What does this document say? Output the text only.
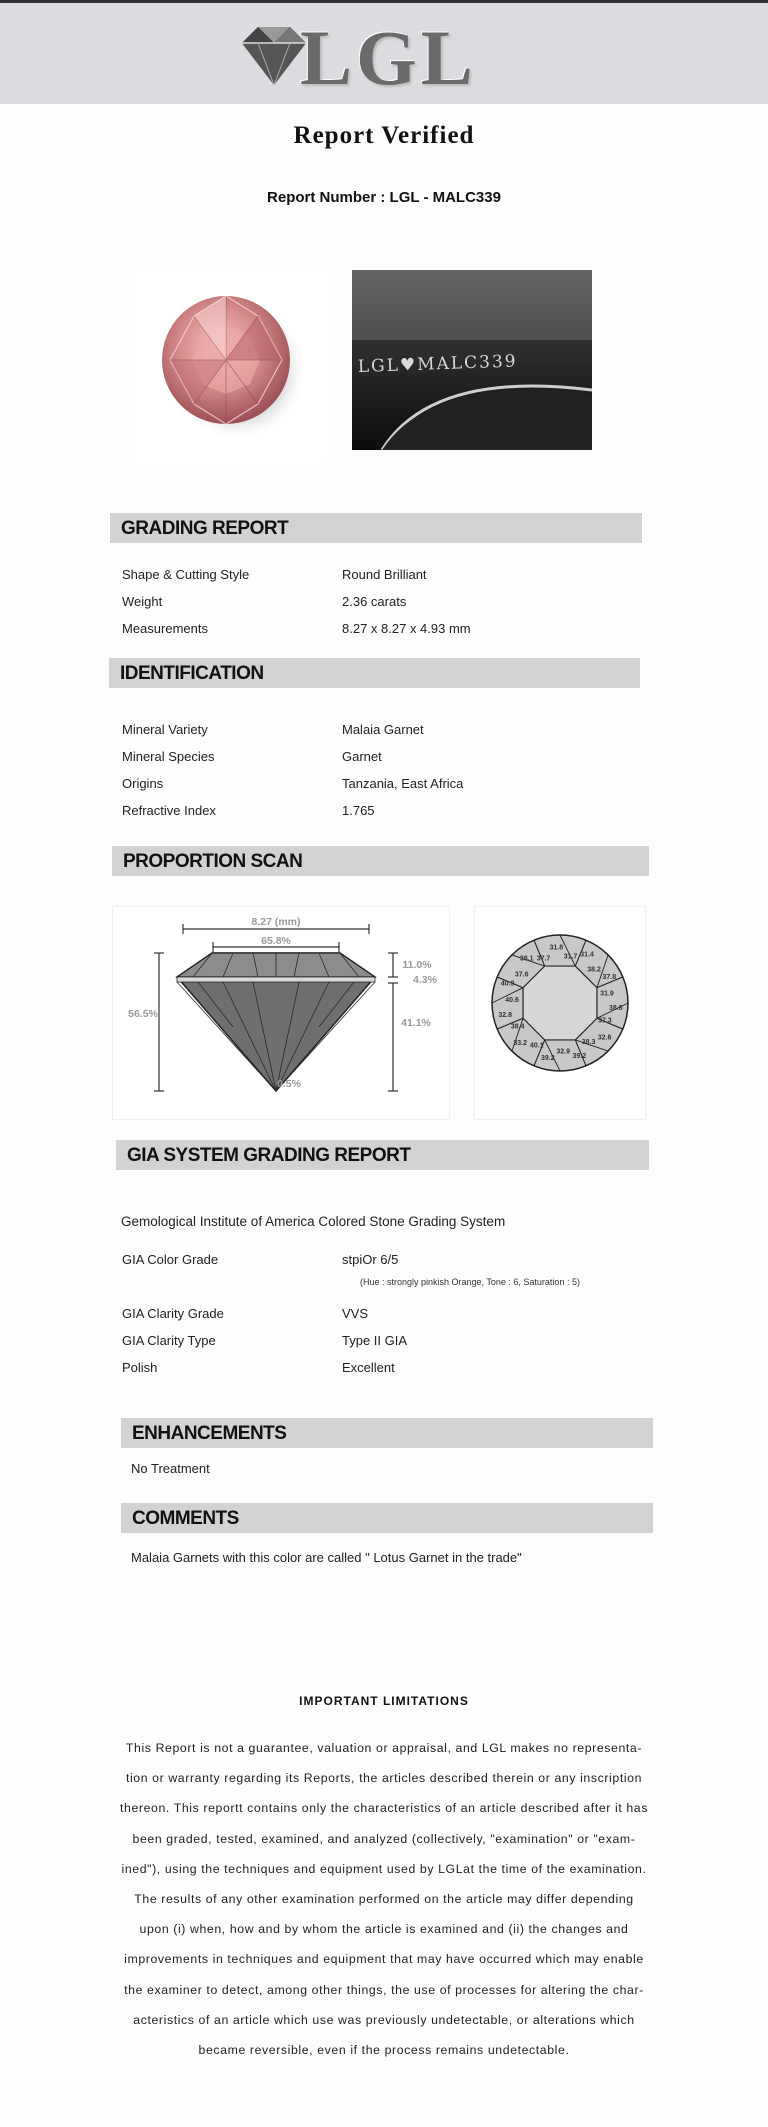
LGL
Report Verified
Report Number : LGL - MALC339
LGL♥MALC339
GRADING REPORT
Shape & Cutting Style	Round Brilliant
Weight	2.36 carats
Measurements	8.27 x 8.27 x 4.93 mm
IDENTIFICATION
Mineral Variety	Malaia Garnet
Mineral Species	Garnet
Origins	Tanzania, East Africa
Refractive Index	1.765
PROPORTION SCAN
8.27 (mm)
65.8%
56.5%
11.0%
4.3%
41.1%
0.5%
40.9
37.6
38.1 37.7
31.8
31.7 31.4
38.2
37.8
31.9
38.6
37.3
32.6
38.3
39.2
32.9
39.2
40.1
33.2
38.4
32.8
40.6
GIA SYSTEM GRADING REPORT
Gemological Institute of America Colored Stone Grading System
GIA Color Grade	stpiOr 6/5
(Hue : strongly pinkish Orange, Tone : 6, Saturation : 5)
GIA Clarity Grade	VVS
GIA Clarity Type	Type II GIA
Polish	Excellent
ENHANCEMENTS
No Treatment
COMMENTS
Malaia Garnets with this color are called " Lotus Garnet in the trade"
IMPORTANT LIMITATIONS
This Report is not a guarantee, valuation or appraisal, and LGL makes no representa-tion or warranty regarding its Reports, the articles described therein or any inscription thereon. This reportt contains only the characteristics of an article described after it has been graded, tested, examined, and analyzed (collectively, "examination" or "exam-ined"), using the techniques and equipment used by LGLat the time of the examination. The results of any other examination performed on the article may differ depending upon (i) when, how and by whom the article is examined and (ii) the changes and improvements in techniques and equipment that may have occurred which may enable the examiner to detect, among other things, the use of processes for altering the char-acteristics of an article which use was previously undetectable, or alterations which became reversible, even if the process remains undetectable.
